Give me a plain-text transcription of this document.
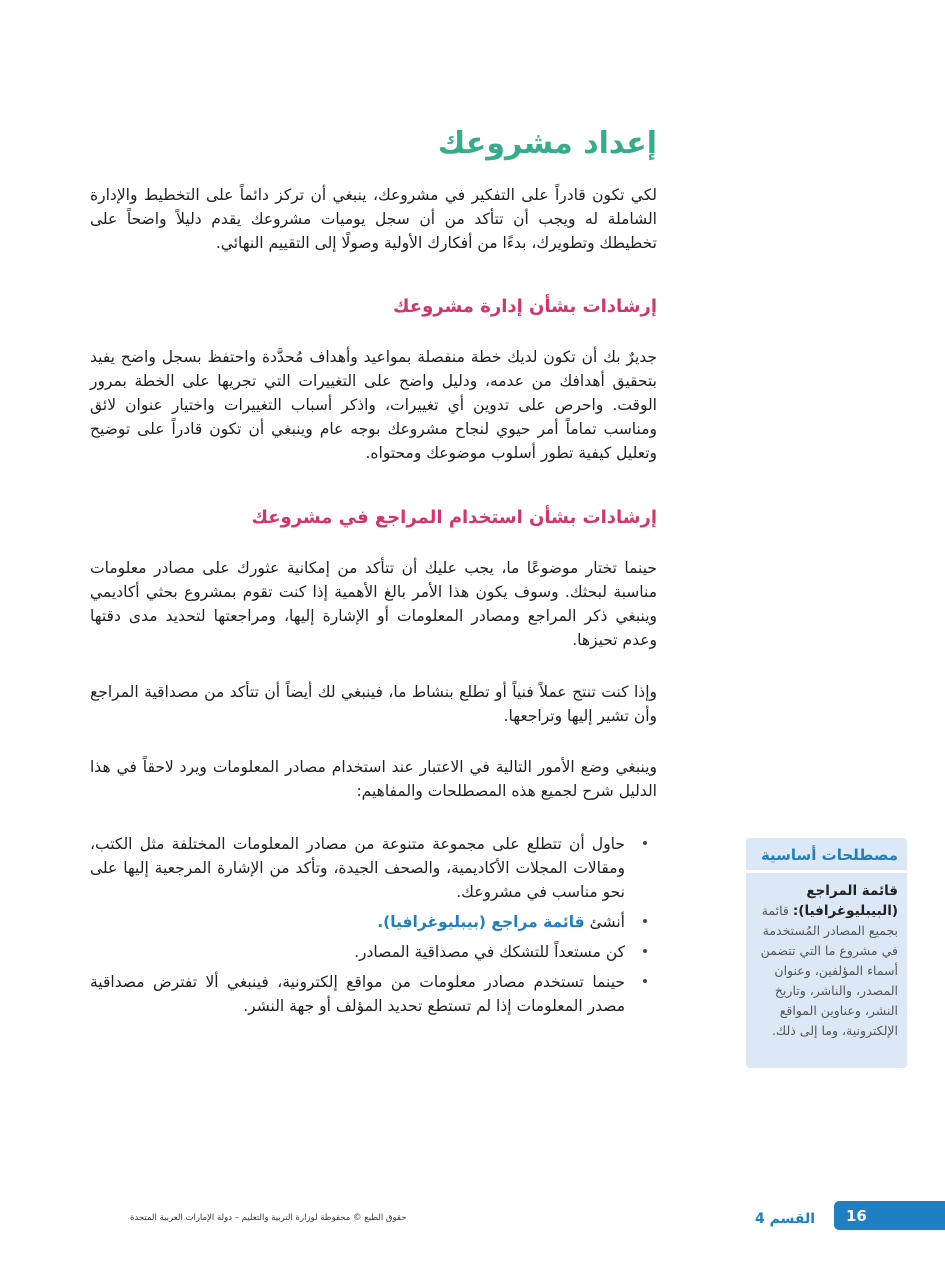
إعداد مشروعك

لكي تكون قادراً على التفكير في مشروعك، ينبغي أن تركز دائماً على التخطيط والإدارة الشاملة له ويجب أن تتأكد من أن سجل يوميات مشروعك يقدم دليلاً واضحاً على تخطيطك وتطويرك، بدءًا من أفكارك الأولية وصولًا إلى التقييم النهائي.

إرشادات بشأن إدارة مشروعك

جديرٌ بك أن تكون لديك خطة منفصلة بمواعيد وأهداف مُحدَّدة واحتفظ بسجل واضح يفيد بتحقيق أهدافك من عدمه، ودليل واضح على التغييرات التي تجريها على الخطة بمرور الوقت. واحرص على تدوين أي تغييرات، واذكر أسباب التغييرات واختيار عنوان لائق ومناسب تماماً أمر حيوي لنجاح مشروعك بوجه عام وينبغي أن تكون قادراً على توضيح وتعليل كيفية تطور أسلوب موضوعك ومحتواه.

إرشادات بشأن استخدام المراجع في مشروعك

حينما تختار موضوعًا ما، يجب عليك أن تتأكد من إمكانية عثورك على مصادر معلومات مناسبة لبحثك. وسوف يكون هذا الأمر بالغ الأهمية إذا كنت تقوم بمشروع بحثي أكاديمي وينبغي ذكر المراجع ومصادر المعلومات أو الإشارة إليها، ومراجعتها لتحديد مدى دقتها وعدم تحيزها.

وإذا كنت تنتج عملاً فنياً أو تطلع بنشاط ما، فينبغي لك أيضاً أن تتأكد من مصداقية المراجع وأن تشير إليها وتراجعها.

وينبغي وضع الأمور التالية في الاعتبار عند استخدام مصادر المعلومات ويرد لاحقاً في هذا الدليل شرح لجميع هذه المصطلحات والمفاهيم:

حاول أن تتطلع على مجموعة متنوعة من مصادر المعلومات المختلفة مثل الكتب، ومقالات المجلات الأكاديمية، والصحف الجيدة، وتأكد من الإشارة المرجعية إليها على نحو مناسب في مشروعك.
أنشئ قائمة مراجع (بيبليوغرافيا).
كن مستعداً للتشكك في مصداقية المصادر.
حينما تستخدم مصادر معلومات من مواقع إلكترونية، فينبغي ألا تفترض مصداقية مصدر المعلومات إذا لم تستطع تحديد المؤلف أو جهة النشر.
مصطلحات أساسية
قائمة المراجع (البيبليوغرافيا): قائمة بجميع المصادر المُستخدمة في مشروع ما التي تتضمن أسماء المؤلفين، وعنوان المصدر، والناشر، وتاريخ النشر، وعناوين المواقع الإلكترونية، وما إلى ذلك.
16
القسم 4
حقوق الطبع © محفوظة لوزارة التربية والتعليم – دولة الإمارات العربية المتحدة
